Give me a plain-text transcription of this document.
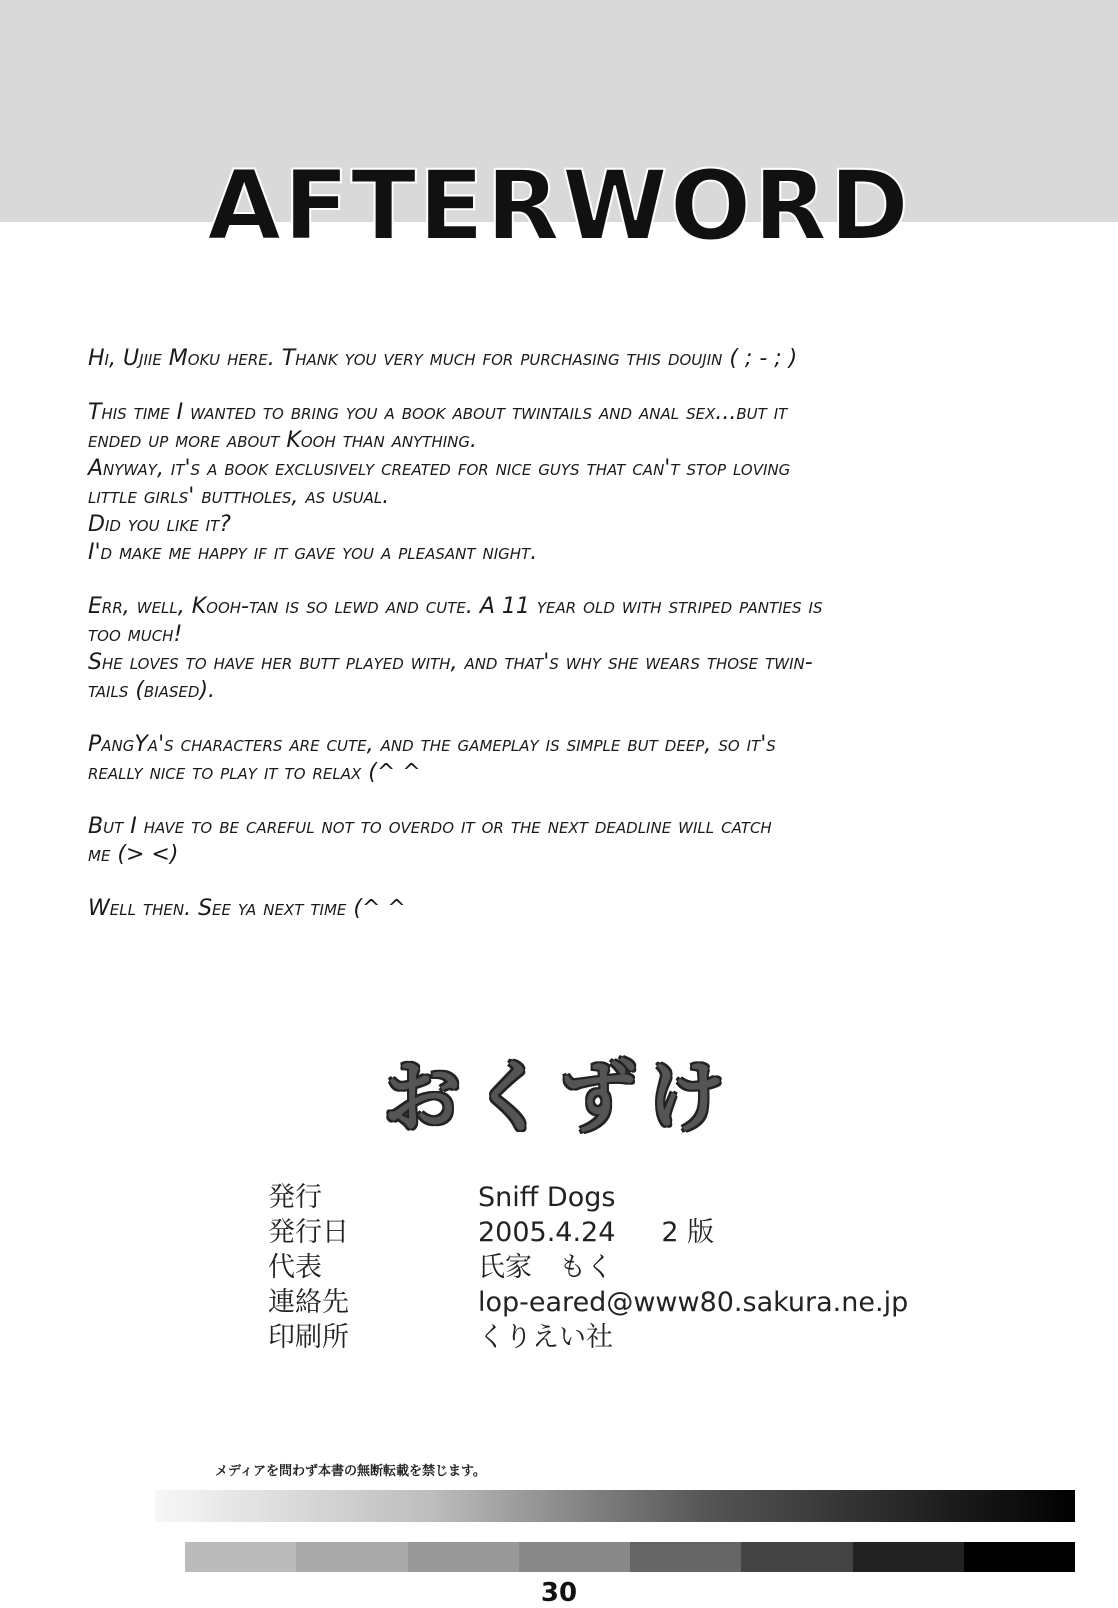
AFTERWORD

Hi, Ujiie Moku here. Thank you very much for purchasing this doujin ( ; - ; )

This time I wanted to bring you a book about twintails and anal sex...but it
ended up more about Kooh than anything.
Anyway, it's a book exclusively created for nice guys that can't stop loving
little girls' buttholes, as usual.
Did you like it?
I'd make me happy if it gave you a pleasant night.

Err, well, Kooh-tan is so lewd and cute. A 11 year old with striped panties is
too much!
She loves to have her butt played with, and that's why she wears those twin-
tails (biased).

PangYa's characters are cute, and the gameplay is simple but deep, so it's
really nice to play it to relax (^ ^

But I have to be careful not to overdo it or the next deadline will catch
me (> <)

Well then. See ya next time (^ ^

おくずけ
発行	Sniff Dogs
発行日	2005.4.24 2 版
代表	氏家　もく
連絡先	lop-eared@www80.sakura.ne.jp
印刷所	くりえい社
メディアを問わず本書の無断転載を禁じます。
30
